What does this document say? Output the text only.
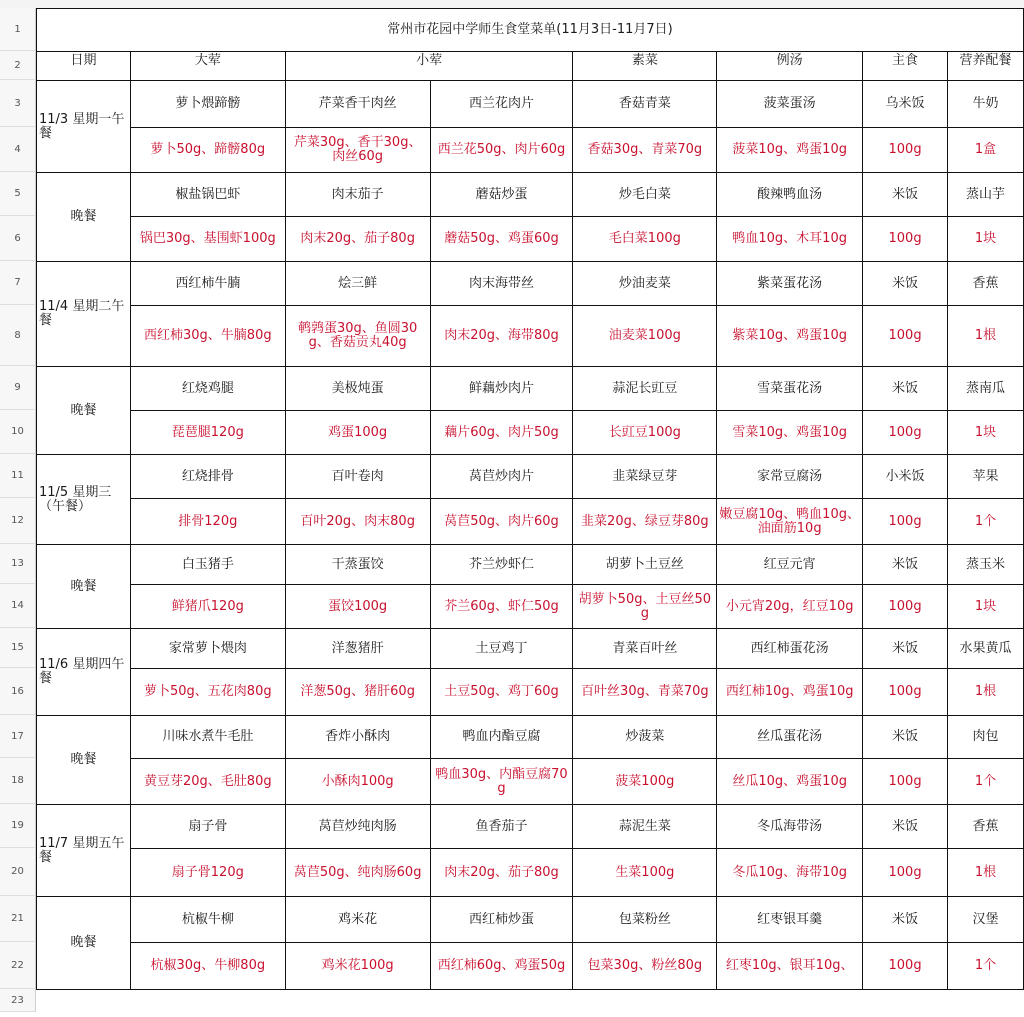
1
2
3
4
5
6
7
8
9
10
11
12
13
14
15
16
17
18
19
20
21
22
23
常州市花园中学师生食堂菜单(11月3日-11月7日)							
日期	大荤	小荤		素菜	例汤	主食	营养配餐
11/3 星期一午餐	萝卜煨蹄髈	芹菜香干肉丝	西兰花肉片	香菇青菜	菠菜蛋汤	乌米饭	牛奶
	萝卜50g、蹄髈80g	芹菜30g、香干30g、肉丝60g	西兰花50g、肉片60g	香菇30g、青菜70g	菠菜10g、鸡蛋10g	100g	1盒
晚餐	椒盐锅巴虾	肉末茄子	蘑菇炒蛋	炒毛白菜	酸辣鸭血汤	米饭	蒸山芋
	锅巴30g、基围虾100g	肉末20g、茄子80g	蘑菇50g、鸡蛋60g	毛白菜100g	鸭血10g、木耳10g	100g	1块
11/4 星期二午餐	西红柿牛腩	烩三鲜	肉末海带丝	炒油麦菜	紫菜蛋花汤	米饭	香蕉
	西红柿30g、牛腩80g	鹌鹑蛋30g、鱼圆30g、香菇贡丸40g	肉末20g、海带80g	油麦菜100g	紫菜10g、鸡蛋10g	100g	1根
晚餐	红烧鸡腿	美极炖蛋	鲜藕炒肉片	蒜泥长豇豆	雪菜蛋花汤	米饭	蒸南瓜
	琵琶腿120g	鸡蛋100g	藕片60g、肉片50g	长豇豆100g	雪菜10g、鸡蛋10g	100g	1块
11/5 星期三（午餐）	红烧排骨	百叶卷肉	莴苣炒肉片	韭菜绿豆芽	家常豆腐汤	小米饭	苹果
	排骨120g	百叶20g、肉末80g	莴苣50g、肉片60g	韭菜20g、绿豆芽80g	嫩豆腐10g、鸭血10g、油面筋10g	100g	1个
晚餐	白玉猪手	干蒸蛋饺	芥兰炒虾仁	胡萝卜土豆丝	红豆元宵	米饭	蒸玉米
	鲜猪爪120g	蛋饺100g	芥兰60g、虾仁50g	胡萝卜50g、土豆丝50g	小元宵20g，红豆10g	100g	1块
11/6 星期四午餐	家常萝卜煨肉	洋葱猪肝	土豆鸡丁	青菜百叶丝	西红柿蛋花汤	米饭	水果黄瓜
	萝卜50g、五花肉80g	洋葱50g、猪肝60g	土豆50g、鸡丁60g	百叶丝30g、青菜70g	西红柿10g、鸡蛋10g	100g	1根
晚餐	川味水煮牛毛肚	香炸小酥肉	鸭血内酯豆腐	炒菠菜	丝瓜蛋花汤	米饭	肉包
	黄豆芽20g、毛肚80g	小酥肉100g	鸭血30g、内酯豆腐70g	菠菜100g	丝瓜10g、鸡蛋10g	100g	1个
11/7 星期五午餐	扇子骨	莴苣炒纯肉肠	鱼香茄子	蒜泥生菜	冬瓜海带汤	米饭	香蕉
	扇子骨120g	莴苣50g、纯肉肠60g	肉末20g、茄子80g	生菜100g	冬瓜10g、海带10g	100g	1根
晚餐	杭椒牛柳	鸡米花	西红柿炒蛋	包菜粉丝	红枣银耳羹	米饭	汉堡
	杭椒30g、牛柳80g	鸡米花100g	西红柿60g、鸡蛋50g	包菜30g、粉丝80g	红枣10g、银耳10g、	100g	1个
